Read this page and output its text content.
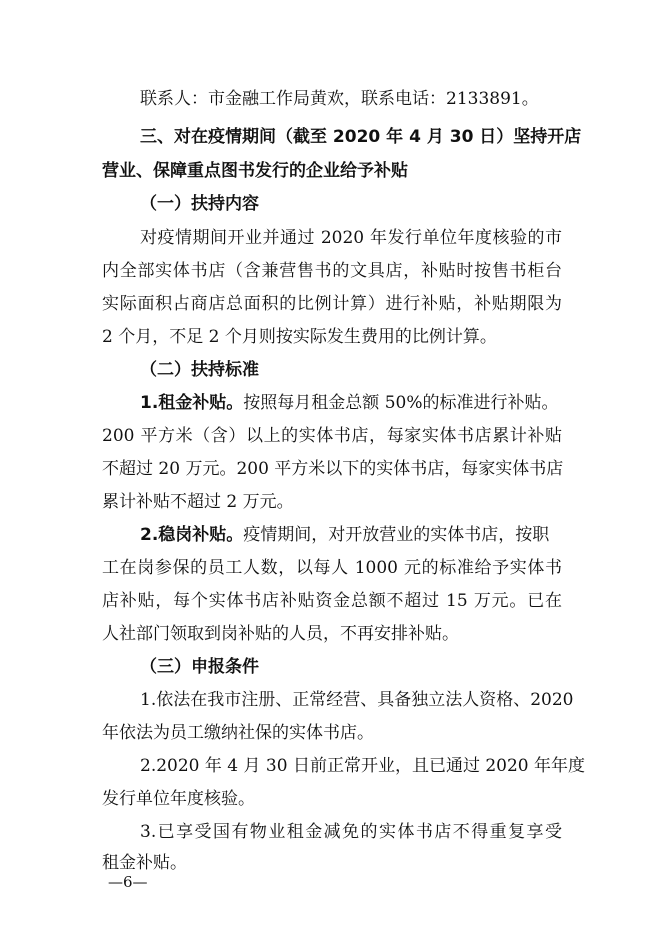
联系人：市金融工作局黄欢，联系电话：2133891。
三、对在疫情期间（截至 2020 年 4 月 30 日）坚持开店
营业、保障重点图书发行的企业给予补贴
（一）扶持内容
对疫情期间开业并通过 2020 年发行单位年度核验的市
内全部实体书店（含兼营售书的文具店，补贴时按售书柜台
实际面积占商店总面积的比例计算）进行补贴，补贴期限为
2 个月，不足 2 个月则按实际发生费用的比例计算。
（二）扶持标准
1.租金补贴。按照每月租金总额 50%的标准进行补贴。
200 平方米（含）以上的实体书店，每家实体书店累计补贴
不超过 20 万元。200 平方米以下的实体书店，每家实体书店
累计补贴不超过 2 万元。
2.稳岗补贴。疫情期间，对开放营业的实体书店，按职
工在岗参保的员工人数，以每人 1000 元的标准给予实体书
店补贴，每个实体书店补贴资金总额不超过 15 万元。已在
人社部门领取到岗补贴的人员，不再安排补贴。
（三）申报条件
1.依法在我市注册、正常经营、具备独立法人资格、2020
年依法为员工缴纳社保的实体书店。
2.2020 年 4 月 30 日前正常开业，且已通过 2020 年年度
发行单位年度核验。
3.已享受国有物业租金减免的实体书店不得重复享受
租金补贴。
—6—
